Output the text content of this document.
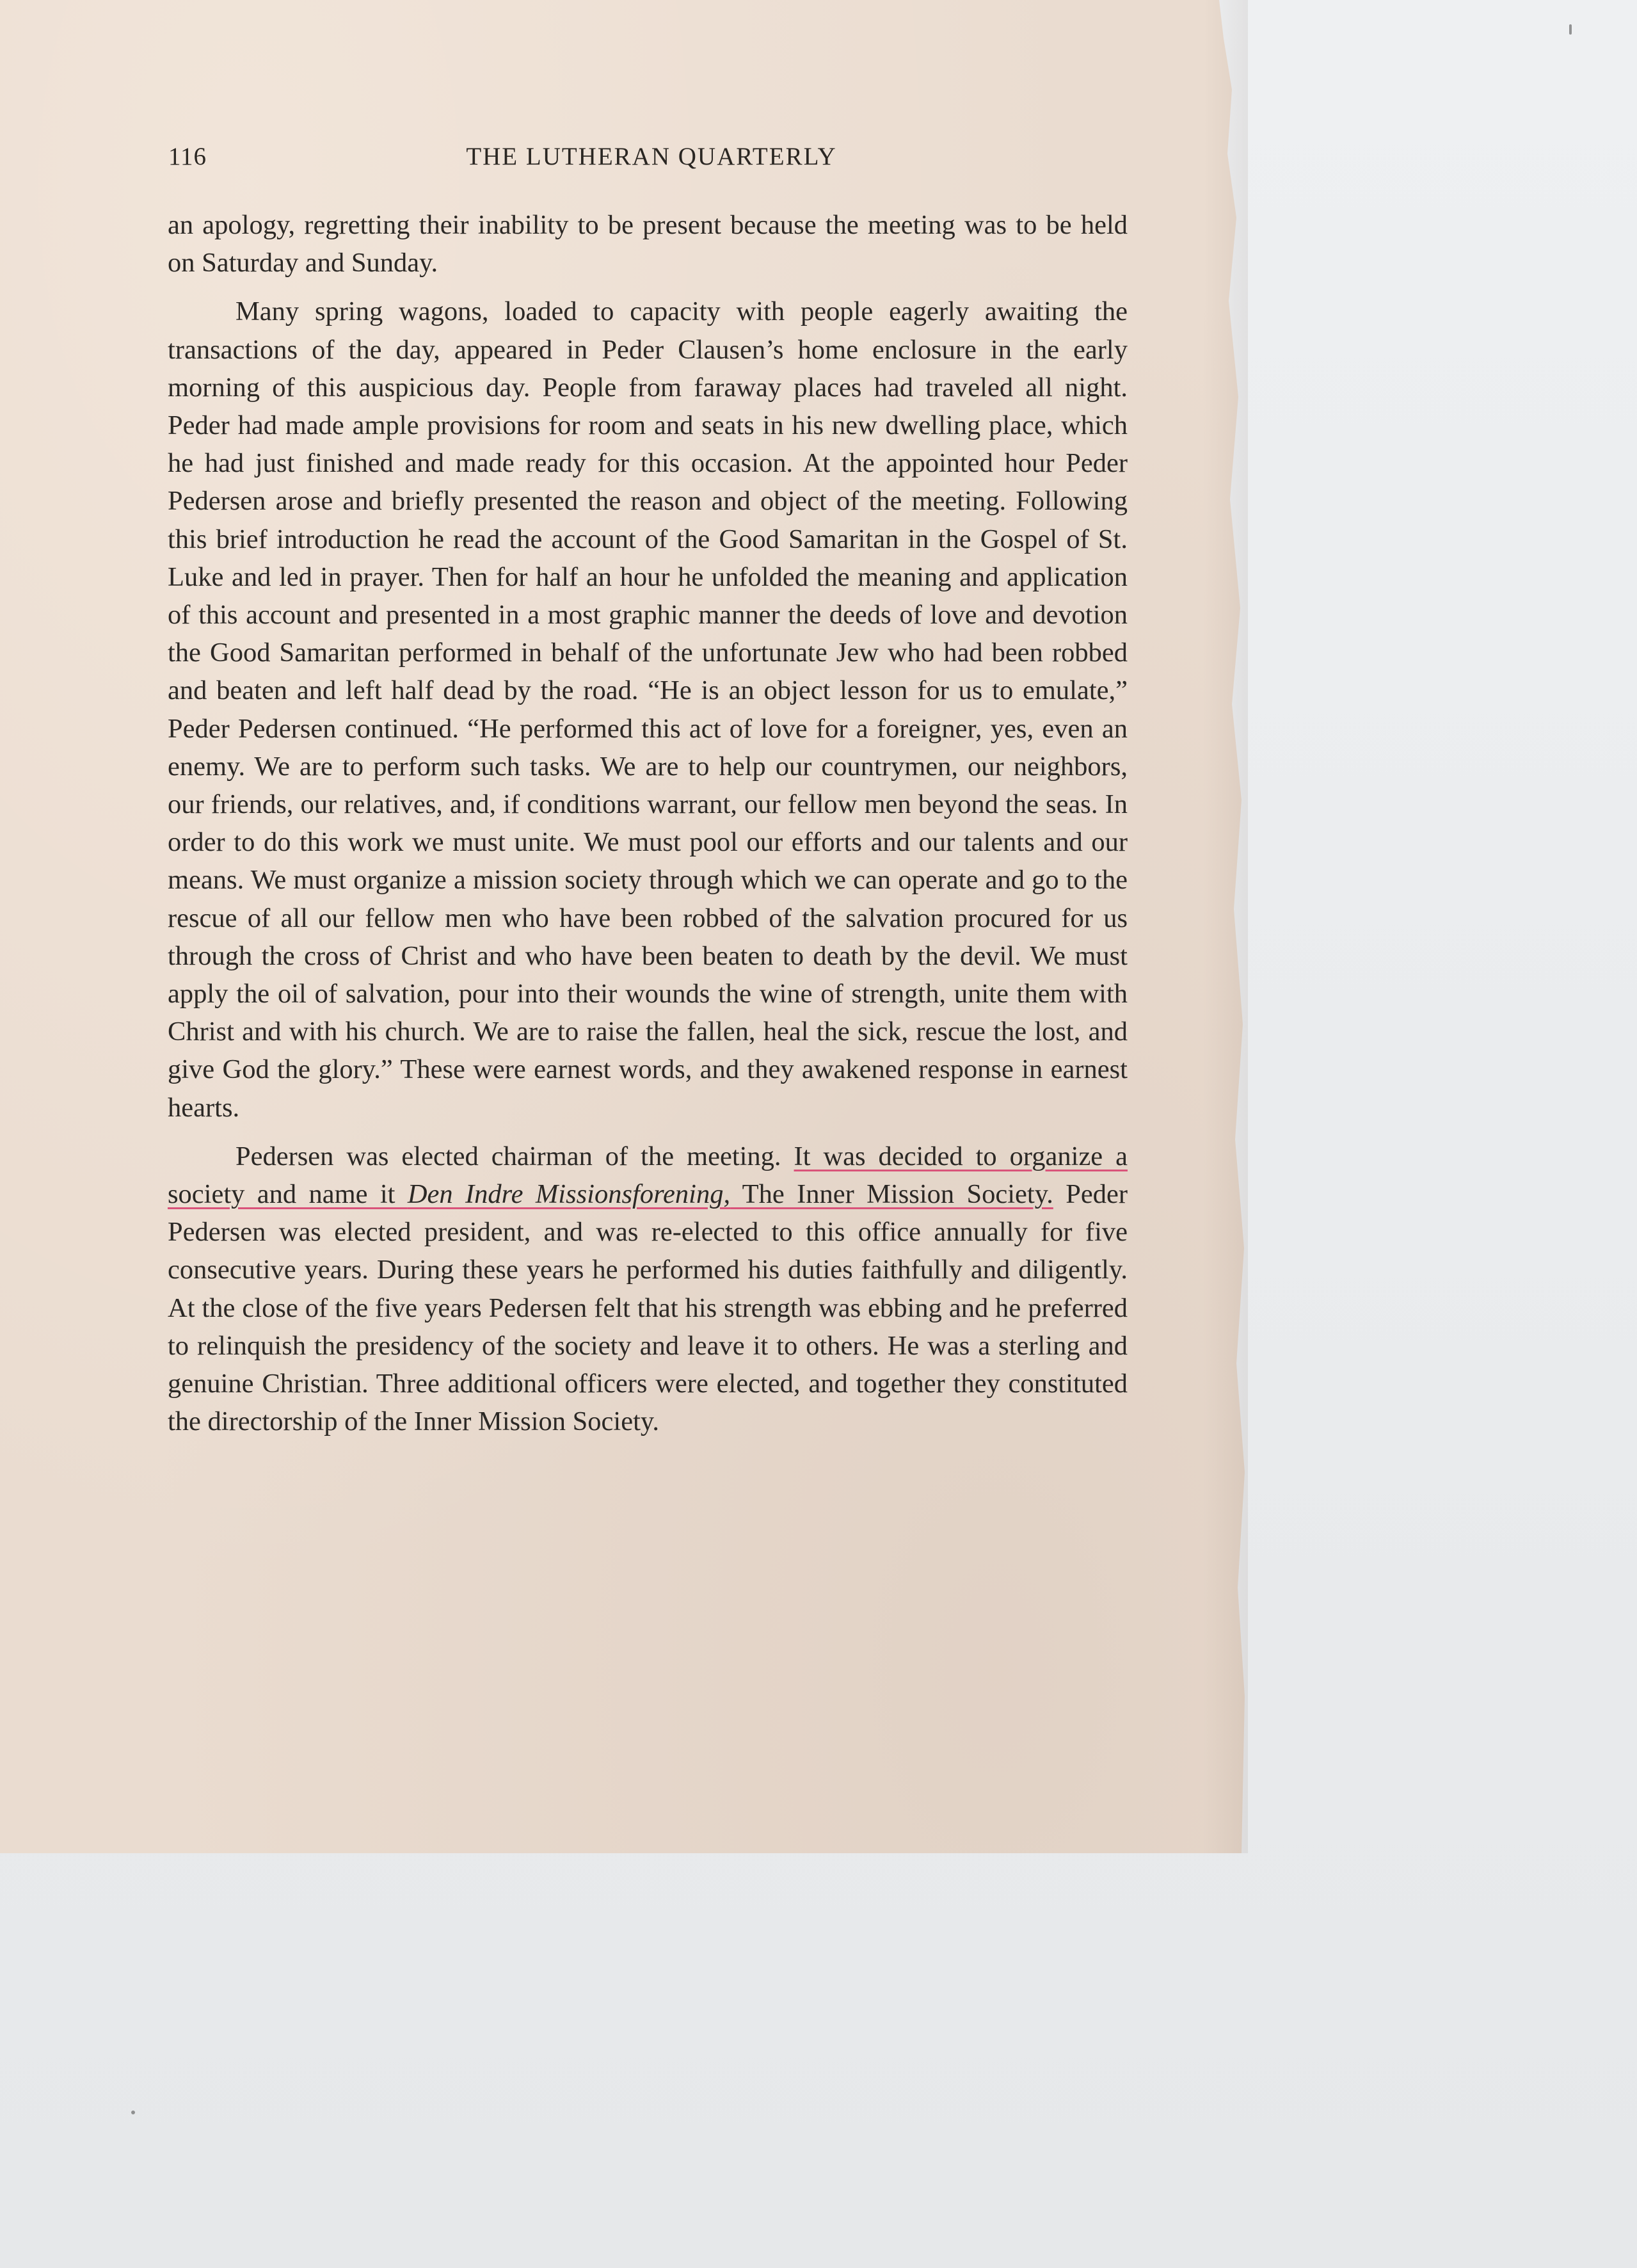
116	THE LUTHERAN QUARTERLY

an apology, regretting their inability to be present because the meeting was to be held on Saturday and Sunday.

Many spring wagons, loaded to capacity with people eagerly awaiting the transactions of the day, appeared in Peder Clausen’s home enclosure in the early morning of this auspicious day. People from faraway places had traveled all night. Peder had made ample provisions for room and seats in his new dwelling place, which he had just finished and made ready for this occasion. At the appointed hour Peder Pedersen arose and briefly presented the reason and object of the meeting. Following this brief introduction he read the account of the Good Samaritan in the Gospel of St. Luke and led in prayer. Then for half an hour he unfolded the meaning and application of this account and presented in a most graphic manner the deeds of love and devotion the Good Samaritan performed in behalf of the unfortunate Jew who had been robbed and beaten and left half dead by the road. “He is an object lesson for us to emulate,” Peder Pedersen continued. “He performed this act of love for a foreigner, yes, even an enemy. We are to perform such tasks. We are to help our countrymen, our neighbors, our friends, our relatives, and, if conditions warrant, our fellow men beyond the seas. In order to do this work we must unite. We must pool our efforts and our talents and our means. We must organize a mission society through which we can operate and go to the rescue of all our fellow men who have been robbed of the salvation procured for us through the cross of Christ and who have been beaten to death by the devil. We must apply the oil of salvation, pour into their wounds the wine of strength, unite them with Christ and with his church. We are to raise the fallen, heal the sick, rescue the lost, and give God the glory.” These were earnest words, and they awakened response in earnest hearts.

Pedersen was elected chairman of the meeting. It was decided to organize a society and name it Den Indre Missionsforening, The Inner Mission Society. Peder Pedersen was elected president, and was re-elected to this office annually for five consecutive years. During these years he performed his duties faithfully and diligently. At the close of the five years Pedersen felt that his strength was ebbing and he preferred to relinquish the presidency of the society and leave it to others. He was a sterling and genuine Christian. Three additional officers were elected, and together they constituted the directorship of the Inner Mission Society.
